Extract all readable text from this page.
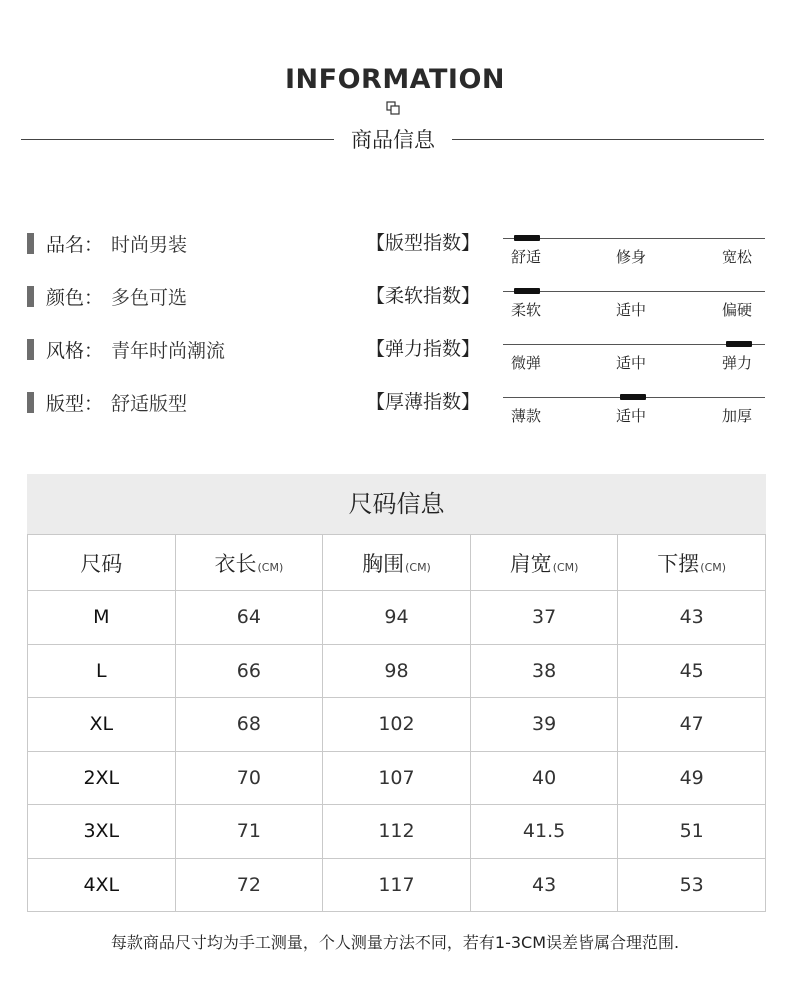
INFORMATION
商品信息
品名： 时尚男装
颜色： 多色可选
风格： 青年时尚潮流
版型： 舒适版型
【版型指数】
舒适	修身	宽松
【柔软指数】
柔软	适中	偏硬
【弹力指数】
微弹	适中	弹力
【厚薄指数】
薄款	适中	加厚
尺码信息
尺码	衣长(CM)	胸围(CM)	肩宽(CM)	下摆(CM)
M	64	94	37	43
L	66	98	38	45
XL	68	102	39	47
2XL	70	107	40	49
3XL	71	112	41.5	51
4XL	72	117	43	53
每款商品尺寸均为手工测量，个人测量方法不同，若有1-3CM误差皆属合理范围.
